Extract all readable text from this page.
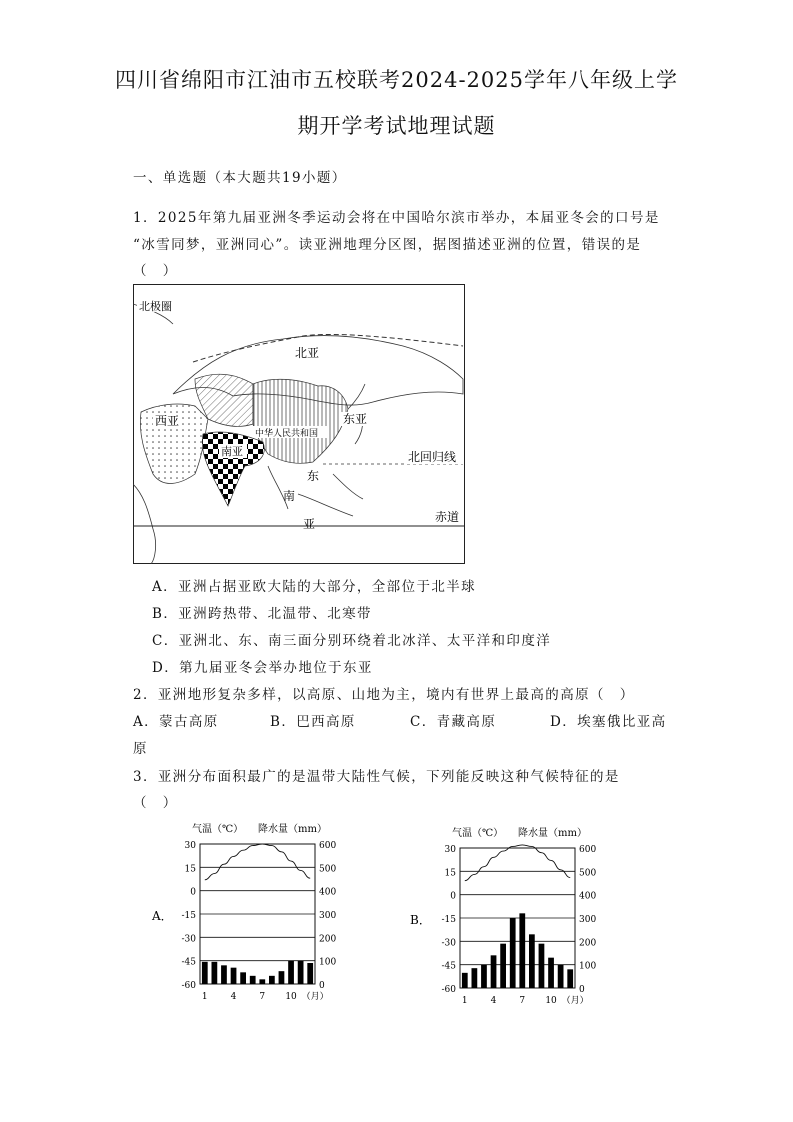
四川省绵阳市江油市五校联考2024-2025学年八年级上学
期开学考试地理试题
一、单选题（本大题共19小题）
1．2025年第九届亚洲冬季运动会将在中国哈尔滨市举办，本届亚冬会的口号是
“冰雪同梦，亚洲同心”。读亚洲地理分区图，据图描述亚洲的位置，错误的是
（　）
北极圈
北亚
西亚	东亚
中华人民共和国
南亚	北回归线
东
南
亚	赤道
A．亚洲占据亚欧大陆的大部分，全部位于北半球
B．亚洲跨热带、北温带、北寒带
C．亚洲北、东、南三面分别环绕着北冰洋、太平洋和印度洋
D．第九届亚冬会举办地位于东亚
2．亚洲地形复杂多样，以高原、山地为主，境内有世界上最高的高原（　）
A．蒙古高原	B．巴西高原	C．青藏高原	D．埃塞俄比亚高
原
3．亚洲分布面积最广的是温带大陆性气候，下列能反映这种气候特征的是
（　）
气温（℃） 降水量（mm）
A．
30
15
0
-15
-30
-45
-60
600
500
400
300
200
100
0
1	4	7 10 （月）
气温（℃） 降水量（mm）
B．
30
15
0
-15
-30
-45
-60
600
500
400
300
200
100
0
1	4	7 10 （月）
